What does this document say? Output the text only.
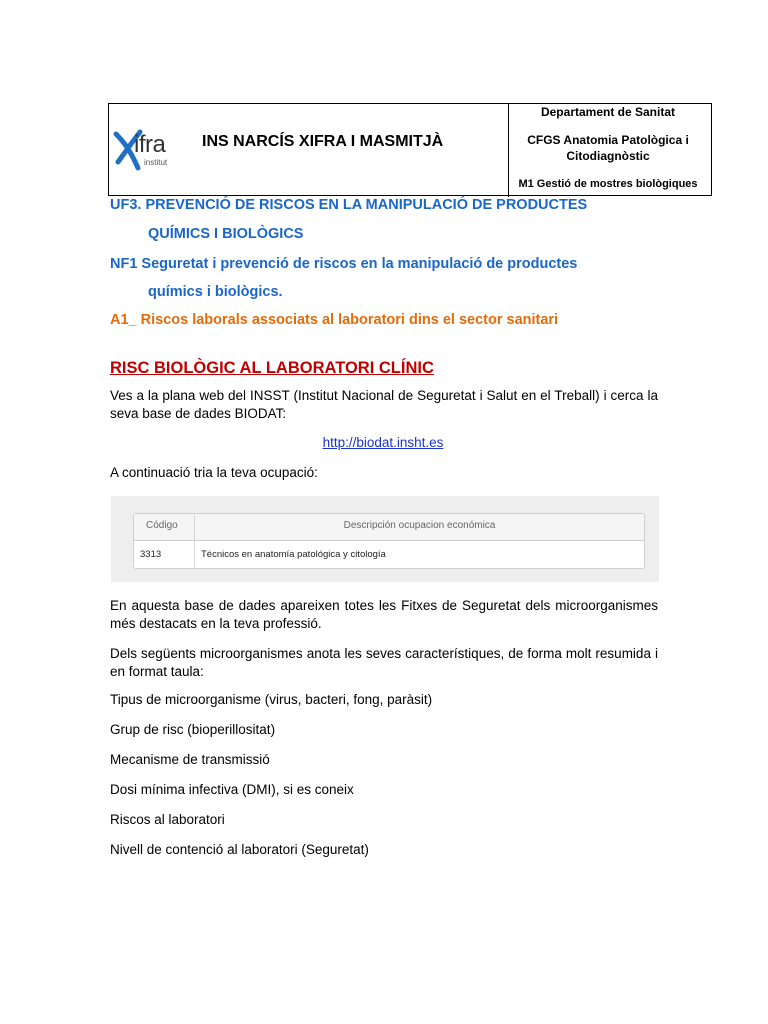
ifra
institut
INS NARCÍS XIFRA I MASMITJÀ
Departament de Sanitat
CFGS Anatomia Patològica i Citodiagnòstic
M1 Gestió de mostres biològiques
UF3. PREVENCIÓ DE RISCOS EN LA MANIPULACIÓ DE PRODUCTES
QUÍMICS I BIOLÒGICS
NF1 Seguretat i prevenció de riscos en la manipulació de productes
químics i biològics.
A1_ Riscos laborals associats al laboratori dins el sector sanitari
RISC BIOLÒGIC AL LABORATORI CLÍNIC
Ves a la plana web del INSST (Institut Nacional de Seguretat i Salut en el Treball) i cerca la seva base de dades BIODAT:
http://biodat.insht.es
A continuació tria la teva ocupació:
Código	Descripción ocupacion económica
3313	Técnicos en anatomía patológica y citología
En aquesta base de dades apareixen totes les Fitxes de Seguretat dels microorganismes més destacats en la teva professió.
Dels següents microorganismes anota les seves característiques, de forma molt resumida i en format taula:
Tipus de microorganisme (virus, bacteri, fong, paràsit)
Grup de risc (bioperillositat)
Mecanisme de transmissió
Dosi mínima infectiva (DMI), si es coneix
Riscos al laboratori
Nivell de contenció al laboratori (Seguretat)
